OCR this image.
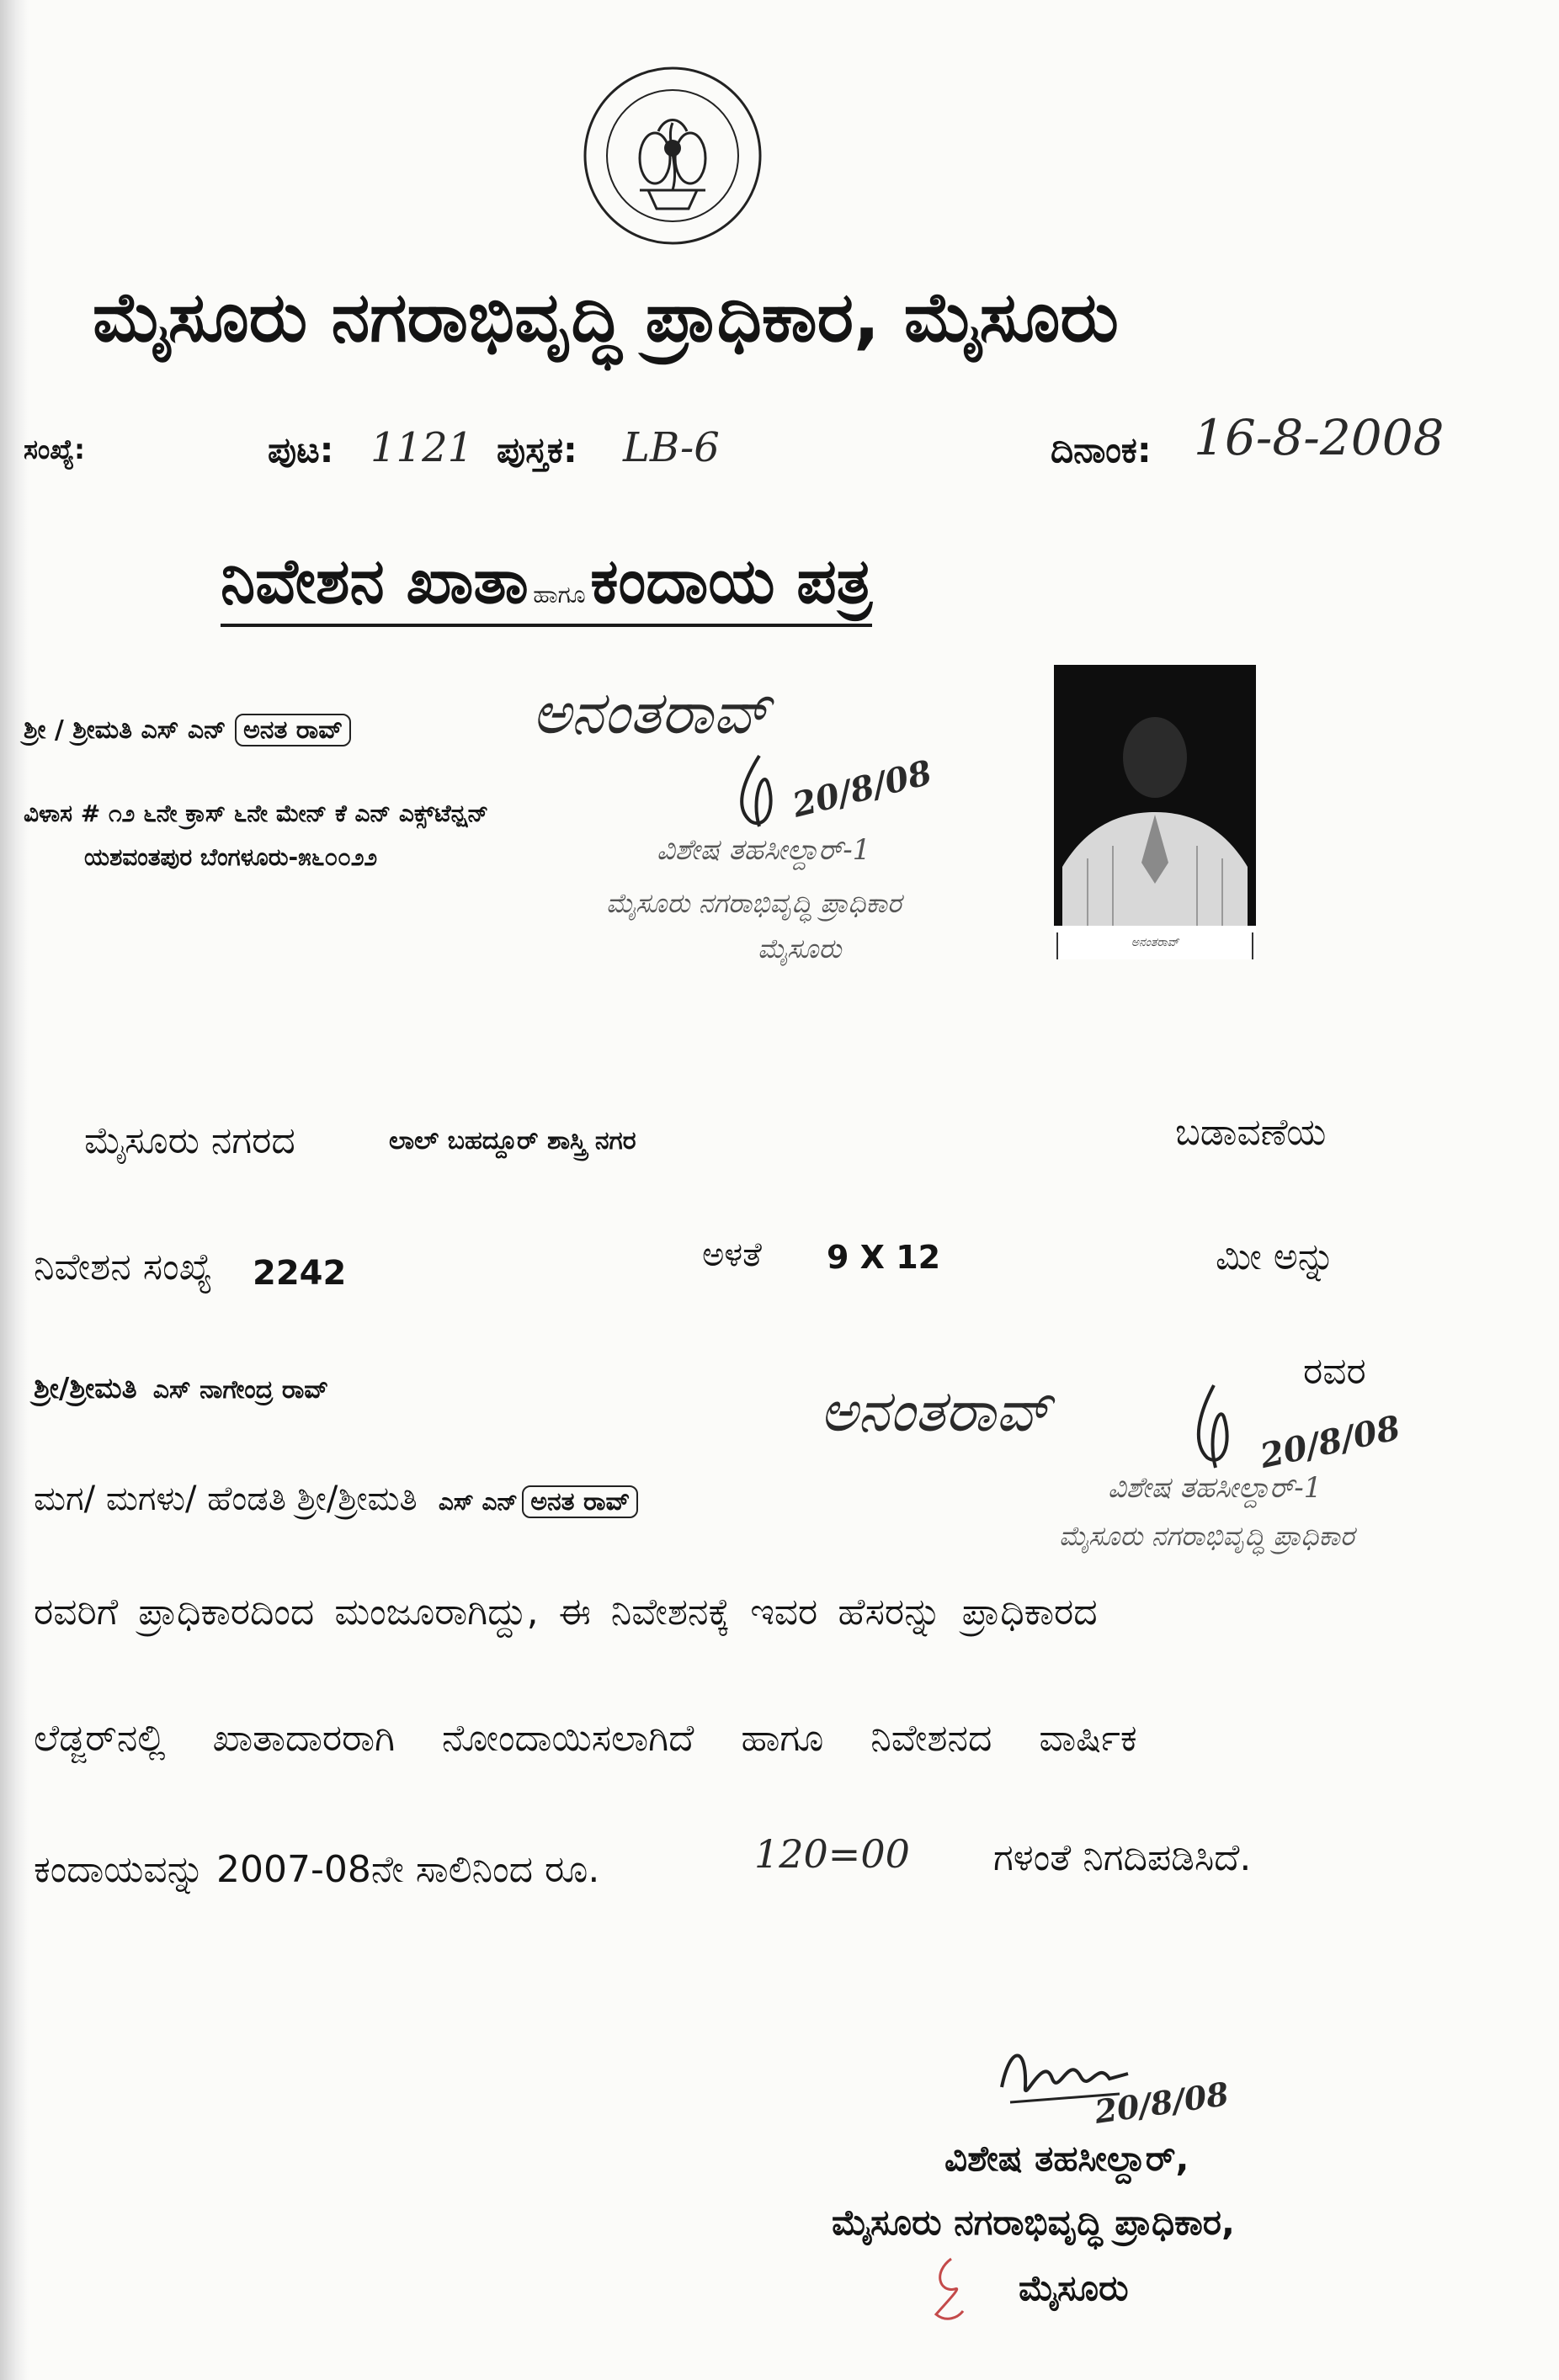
ಮೈಸೂರು ನಗರಾಭಿವೃದ್ಧಿ ಪ್ರಾಧಿಕಾರ, ಮೈಸೂರು
ಸಂಖ್ಯೆ:	ಪುಟ: 1121 ಪುಸ್ತಕ: LB-6	ದಿನಾಂಕ: 16-8-2008
ನಿವೇಶನ ಖಾತಾ ಹಾಗೂ ಕಂದಾಯ ಪತ್ರ
ಶ್ರೀ / ಶ್ರೀಮತಿ ಎಸ್ ಎನ್ ಅನತ ರಾವ್	ಅನಂತರಾವ್
ವಿಳಾಸ # ೧೨ ೬ನೇ ಕ್ರಾಸ್ ೬ನೇ ಮೇನ್ ಕೆ ಎನ್ ಎಕ್ಸ್‌ಟೆನ್ಷನ್
ಯಶವಂತಪುರ ಬೆಂಗಳೂರು-೫೬೦೦೨೨
20/8/08
ವಿಶೇಷ ತಹಸೀಲ್ದಾರ್-1
ಮೈಸೂರು ನಗರಾಭಿವೃದ್ಧಿ ಪ್ರಾಧಿಕಾರ
ಮೈಸೂರು	ಅನಂತರಾವ್
ಮೈಸೂರು ನಗರದ	ಲಾಲ್ ಬಹದ್ದೂರ್ ಶಾಸ್ತ್ರಿ ನಗರ	ಬಡಾವಣೆಯ
ನಿವೇಶನ ಸಂಖ್ಯೆ 2242	ಅಳತೆ 9 X 12	ಮೀ ಅನ್ನು
ಶ್ರೀ/ಶ್ರೀಮತಿ ಎಸ್ ನಾಗೇಂದ್ರ ರಾವ್	ರವರ
ಅನಂತರಾವ್	20/8/08
ವಿಶೇಷ ತಹಸೀಲ್ದಾರ್-1
ಮೈಸೂರು ನಗರಾಭಿವೃದ್ಧಿ ಪ್ರಾಧಿಕಾರ
ಮಗ/ ಮಗಳು/ ಹೆಂಡತಿ ಶ್ರೀ/ಶ್ರೀಮತಿ ಎಸ್ ಎನ್ ಅನತ ರಾವ್
ರವರಿಗೆ ಪ್ರಾಧಿಕಾರದಿಂದ ಮಂಜೂರಾಗಿದ್ದು, ಈ ನಿವೇಶನಕ್ಕೆ ಇವರ ಹೆಸರನ್ನು ಪ್ರಾಧಿಕಾರದ
ಲೆಡ್ಜರ್‌ನಲ್ಲಿ ಖಾತಾದಾರರಾಗಿ ನೋಂದಾಯಿಸಲಾಗಿದೆ ಹಾಗೂ ನಿವೇಶನದ ವಾರ್ಷಿಕ
ಕಂದಾಯವನ್ನು 2007-08ನೇ ಸಾಲಿನಿಂದ ರೂ.	120=00 ಗಳಂತೆ ನಿಗದಿಪಡಿಸಿದೆ.
20/8/08
ವಿಶೇಷ ತಹಸೀಲ್ದಾರ್,
ಮೈಸೂರು ನಗರಾಭಿವೃದ್ಧಿ ಪ್ರಾಧಿಕಾರ,
ಮೈಸೂರು
